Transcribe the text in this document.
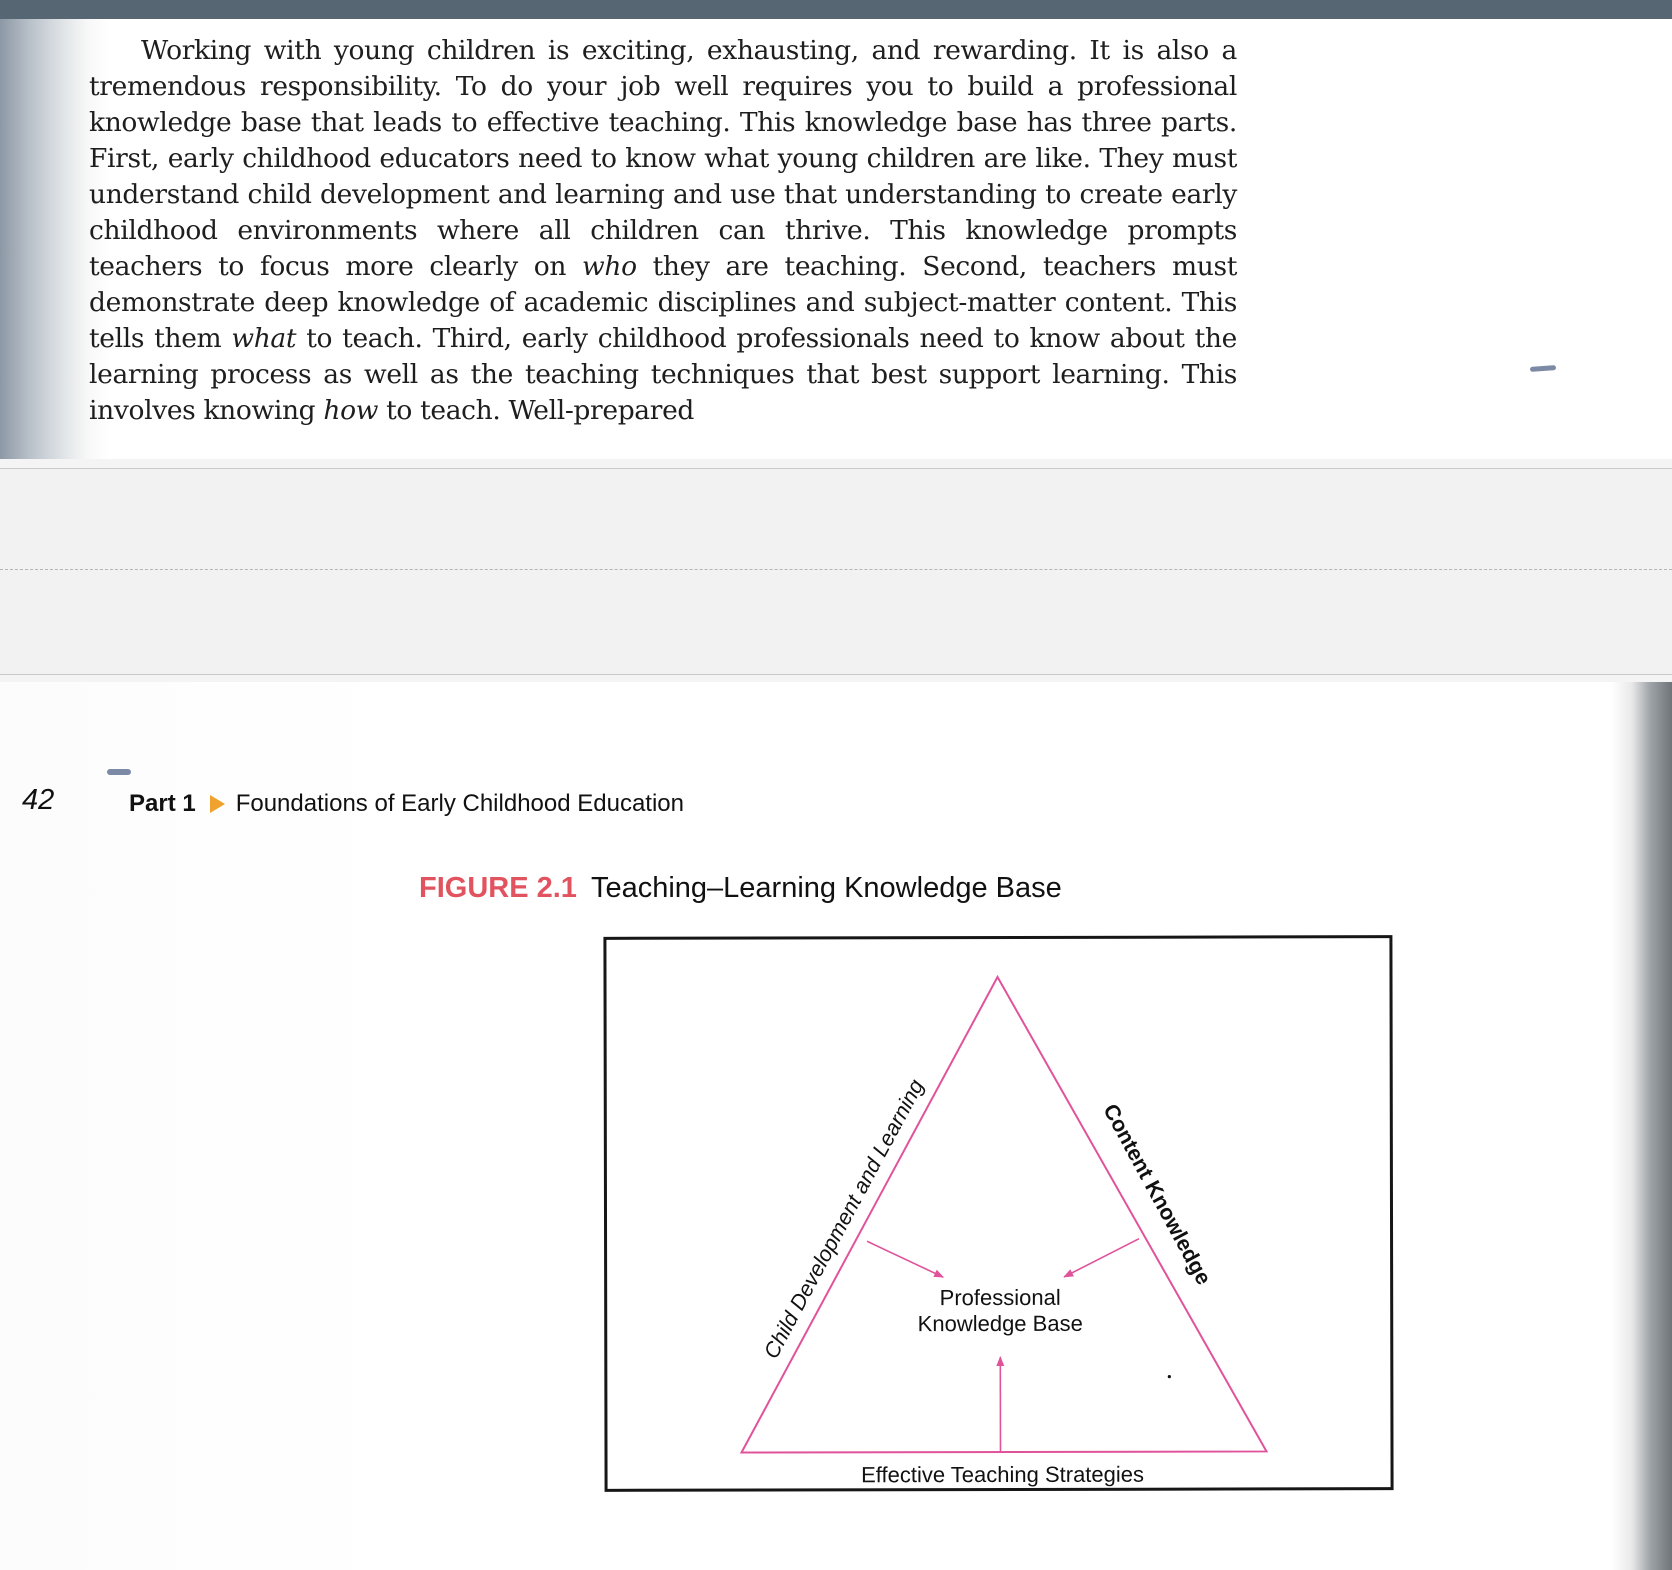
Working with young children is exciting, exhausting, and rewarding. It is also a tremendous responsibility. To do your job well requires you to build a professional knowledge base that leads to effective teaching. This knowledge base has three parts. First, early childhood educators need to know what young children are like. They must understand child development and learning and use that understanding to create early childhood environments where all children can thrive. This knowledge prompts teachers to focus more clearly on who they are teaching. Second, teachers must demonstrate deep knowledge of academic disciplines and subject-matter content. This tells them what to teach. Third, early childhood professionals need to know about the learning process as well as the teaching techniques that best support learning. This involves knowing how to teach. Well-prepared

42	Part 1 Foundations of Early Childhood Education
FIGURE 2.1 Teaching–Learning Knowledge Base
Professional
Knowledge Base
Child Development and Learning	Content Knowledge
Effective Teaching Strategies
